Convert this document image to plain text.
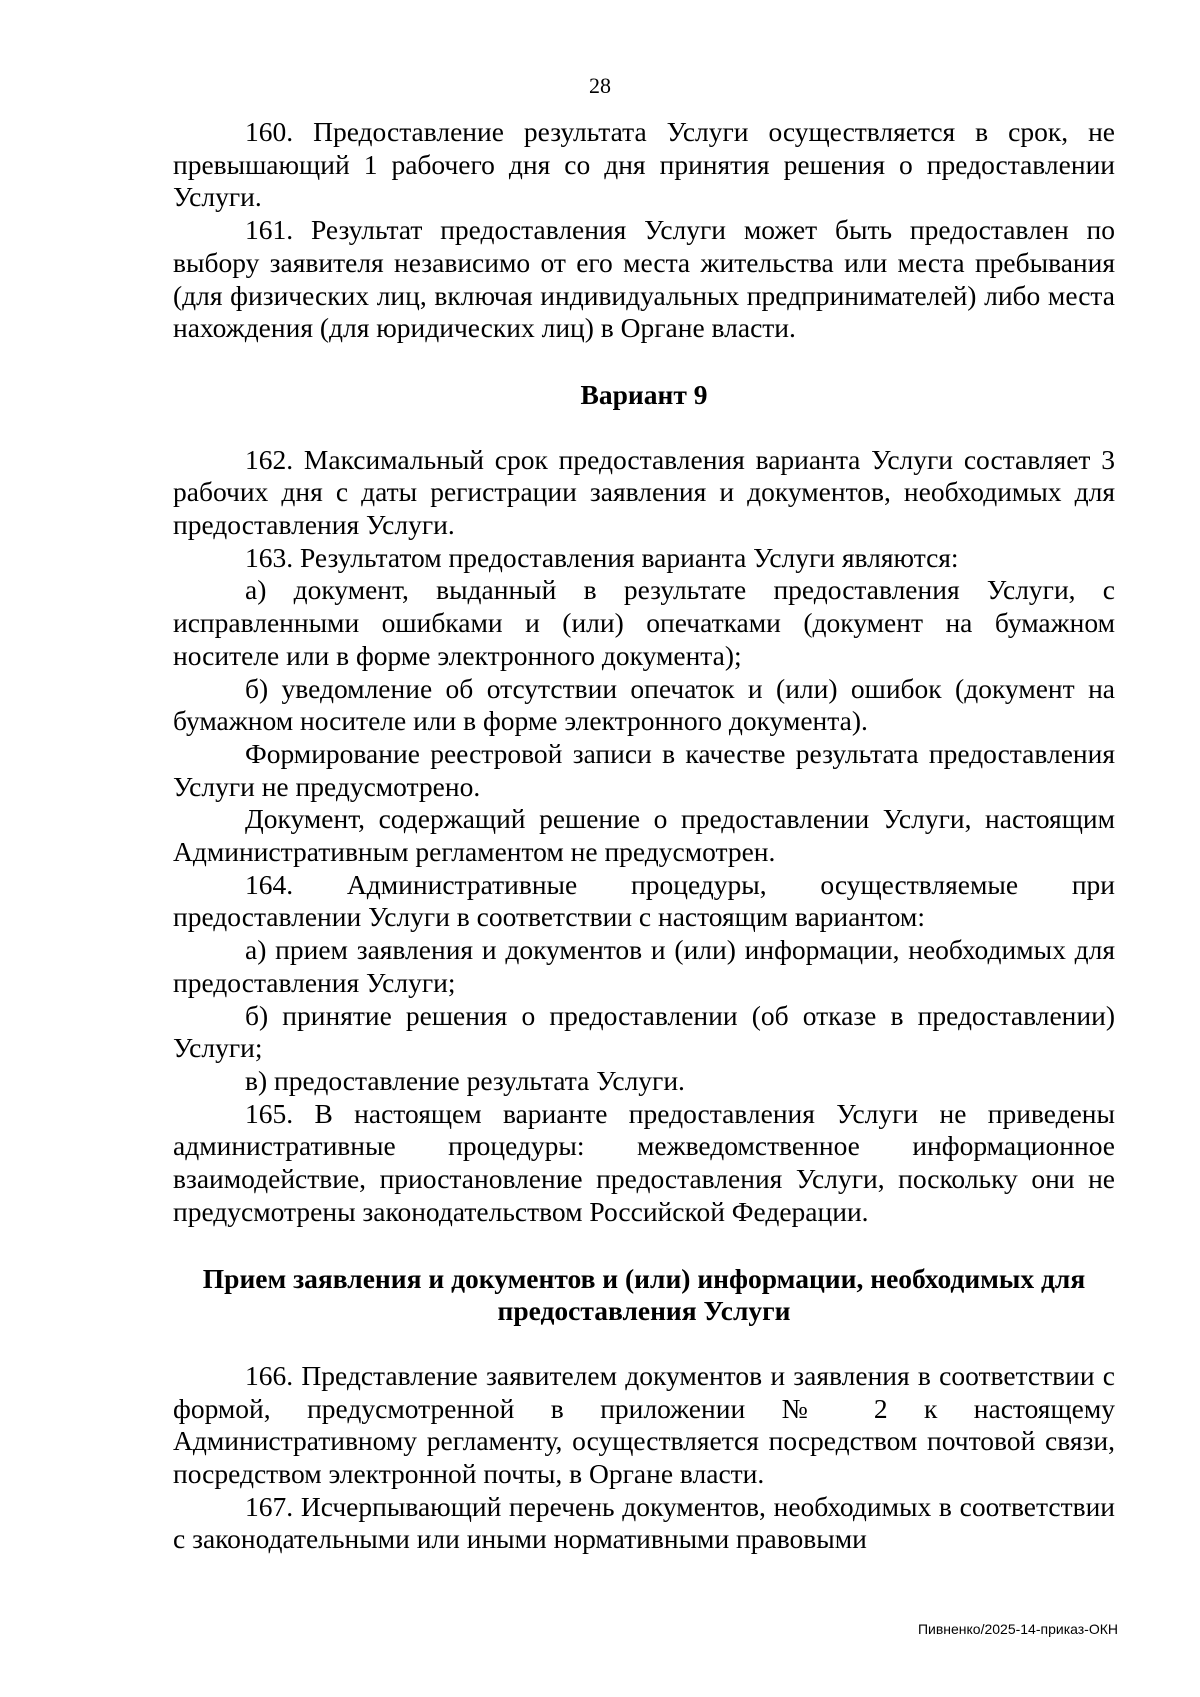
28

160. Предоставление результата Услуги осуществляется в срок, не превышающий 1 рабочего дня со дня принятия решения о предоставлении Услуги.

161. Результат предоставления Услуги может быть предоставлен по выбору заявителя независимо от его места жительства или места пребывания (для физических лиц, включая индивидуальных предпринимателей) либо места нахождения (для юридических лиц) в Органе власти.

Вариант 9

162. Максимальный срок предоставления варианта Услуги составляет 3 рабочих дня с даты регистрации заявления и документов, необходимых для предоставления Услуги.

163. Результатом предоставления варианта Услуги являются:

а) документ, выданный в результате предоставления Услуги, с исправленными ошибками и (или) опечатками (документ на бумажном носителе или в форме электронного документа);

б) уведомление об отсутствии опечаток и (или) ошибок (документ на бумажном носителе или в форме электронного документа).

Формирование реестровой записи в качестве результата предоставления Услуги не предусмотрено.

Документ, содержащий решение о предоставлении Услуги, настоящим Административным регламентом не предусмотрен.

164. Административные процедуры, осуществляемые при предоставлении Услуги в соответствии с настоящим вариантом:

а) прием заявления и документов и (или) информации, необходимых для предоставления Услуги;

б) принятие решения о предоставлении (об отказе в предоставлении) Услуги;

в) предоставление результата Услуги.

165. В настоящем варианте предоставления Услуги не приведены административные процедуры: межведомственное информационное взаимодействие, приостановление предоставления Услуги, поскольку они не предусмотрены законодательством Российской Федерации.

Прием заявления и документов и (или) информации, необходимых для
предоставления Услуги

166. Представление заявителем документов и заявления в соответствии с формой, предусмотренной в приложении № 2 к настоящему Административному регламенту, осуществляется посредством почтовой связи, посредством электронной почты, в Органе власти.

167. Исчерпывающий перечень документов, необходимых в соответствии с законодательными или иными нормативными правовыми

Пивненко/2025-14-приказ-ОКН
